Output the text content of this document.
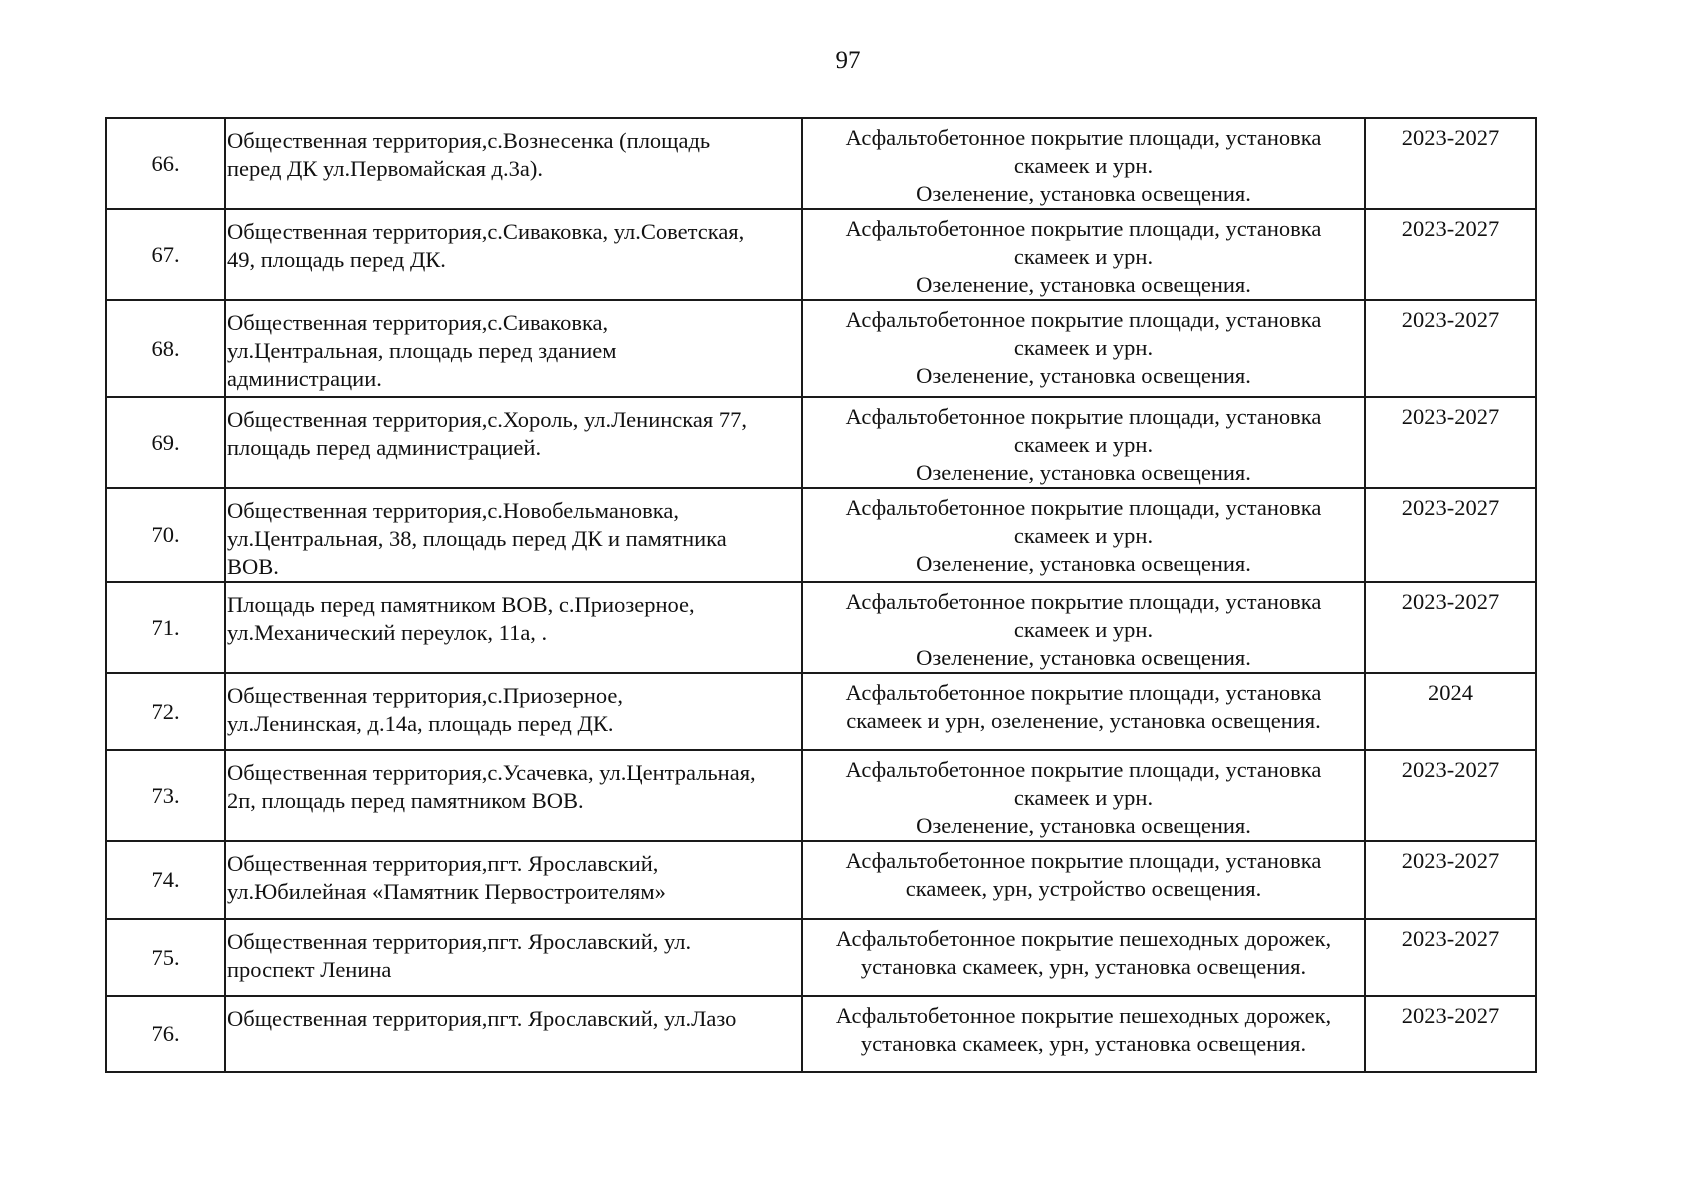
97
66.	Общественная территория,с.Вознесенка (площадь
перед ДК ул.Первомайская д.3а).	Асфальтобетонное покрытие площади, установка
скамеек и урн.
Озеленение, установка освещения.	2023-2027
67.	Общественная территория,с.Сиваковка, ул.Советская,
49, площадь перед ДК.	Асфальтобетонное покрытие площади, установка
скамеек и урн.
Озеленение, установка освещения.	2023-2027
68.	Общественная территория,с.Сиваковка,
ул.Центральная, площадь перед зданием
администрации.	Асфальтобетонное покрытие площади, установка
скамеек и урн.
Озеленение, установка освещения.	2023-2027
69.	Общественная территория,с.Хороль, ул.Ленинская 77,
площадь перед администрацией.	Асфальтобетонное покрытие площади, установка
скамеек и урн.
Озеленение, установка освещения.	2023-2027
70.	Общественная территория,с.Новобельмановка,
ул.Центральная, 38, площадь перед ДК и памятника
ВОВ.	Асфальтобетонное покрытие площади, установка
скамеек и урн.
Озеленение, установка освещения.	2023-2027
71.	Площадь перед памятником ВОВ, с.Приозерное,
ул.Механический переулок, 11а, .	Асфальтобетонное покрытие площади, установка
скамеек и урн.
Озеленение, установка освещения.	2023-2027
72.	Общественная территория,с.Приозерное,
ул.Ленинская, д.14а, площадь перед ДК.	Асфальтобетонное покрытие площади, установка
скамеек и урн, озеленение, установка освещения.	2024
73.	Общественная территория,с.Усачевка, ул.Центральная,
2п, площадь перед памятником ВОВ.	Асфальтобетонное покрытие площади, установка
скамеек и урн.
Озеленение, установка освещения.	2023-2027
74.	Общественная территория,пгт. Ярославский,
ул.Юбилейная «Памятник Первостроителям»	Асфальтобетонное покрытие площади, установка
скамеек, урн, устройство освещения.	2023-2027
75.	Общественная территория,пгт. Ярославский, ул.
проспект Ленина	Асфальтобетонное покрытие пешеходных дорожек,
установка скамеек, урн, установка освещения.	2023-2027
76.	Общественная территория,пгт. Ярославский, ул.Лазо	Асфальтобетонное покрытие пешеходных дорожек,
установка скамеек, урн, установка освещения.	2023-2027
